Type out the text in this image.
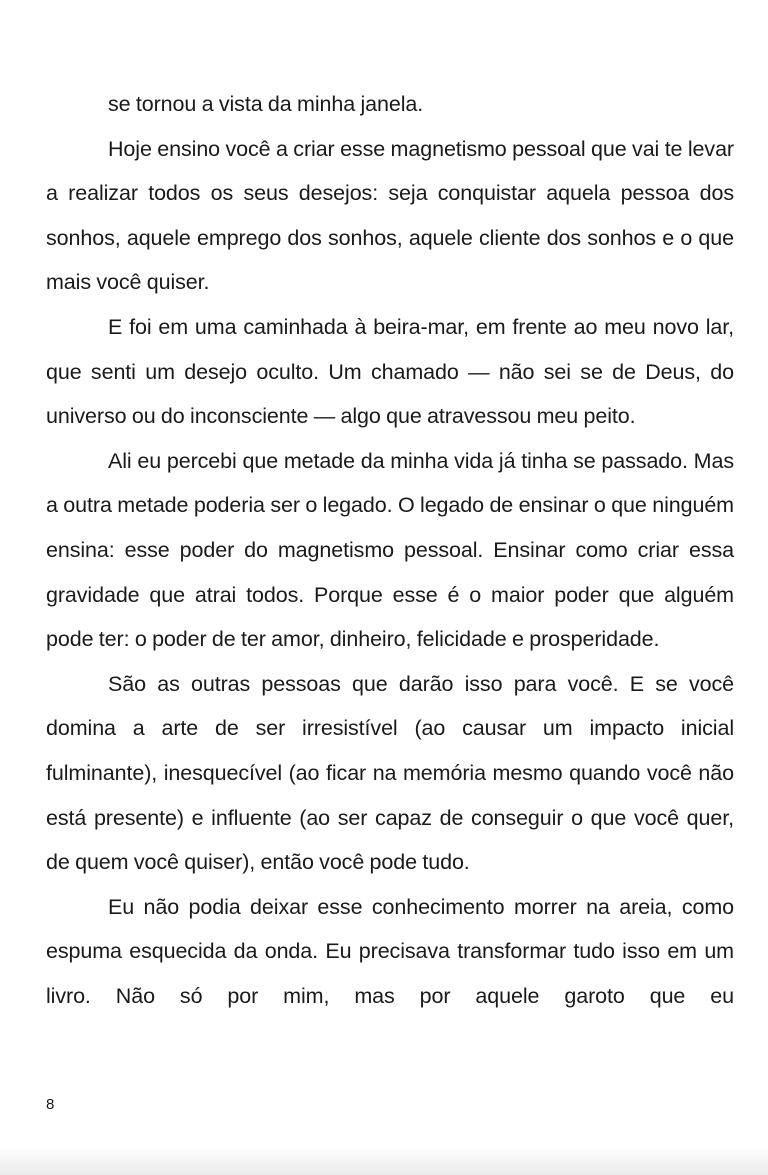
se tornou a vista da minha janela.

Hoje ensino você a criar esse magnetismo pessoal que vai te levar a realizar todos os seus desejos: seja conquistar aquela pessoa dos sonhos, aquele emprego dos sonhos, aquele cliente dos sonhos e o que mais você quiser.

E foi em uma caminhada à beira-mar, em frente ao meu novo lar, que senti um desejo oculto. Um chamado — não sei se de Deus, do universo ou do inconsciente — algo que atravessou meu peito.

Ali eu percebi que metade da minha vida já tinha se passado. Mas a outra metade poderia ser o legado. O legado de ensinar o que ninguém ensina: esse poder do magnetismo pessoal. Ensinar como criar essa gravidade que atrai todos. Porque esse é o maior poder que alguém pode ter: o poder de ter amor, dinheiro, felicidade e prosperidade.

São as outras pessoas que darão isso para você. E se você domina a arte de ser irresistível (ao causar um impacto inicial fulminante), inesquecível (ao ficar na memória mesmo quando você não está presente) e influente (ao ser capaz de conseguir o que você quer, de quem você quiser), então você pode tudo.

Eu não podia deixar esse conhecimento morrer na areia, como espuma esquecida da onda. Eu precisava transformar tudo isso em um livro. Não só por mim, mas por aquele garoto que eu

8
